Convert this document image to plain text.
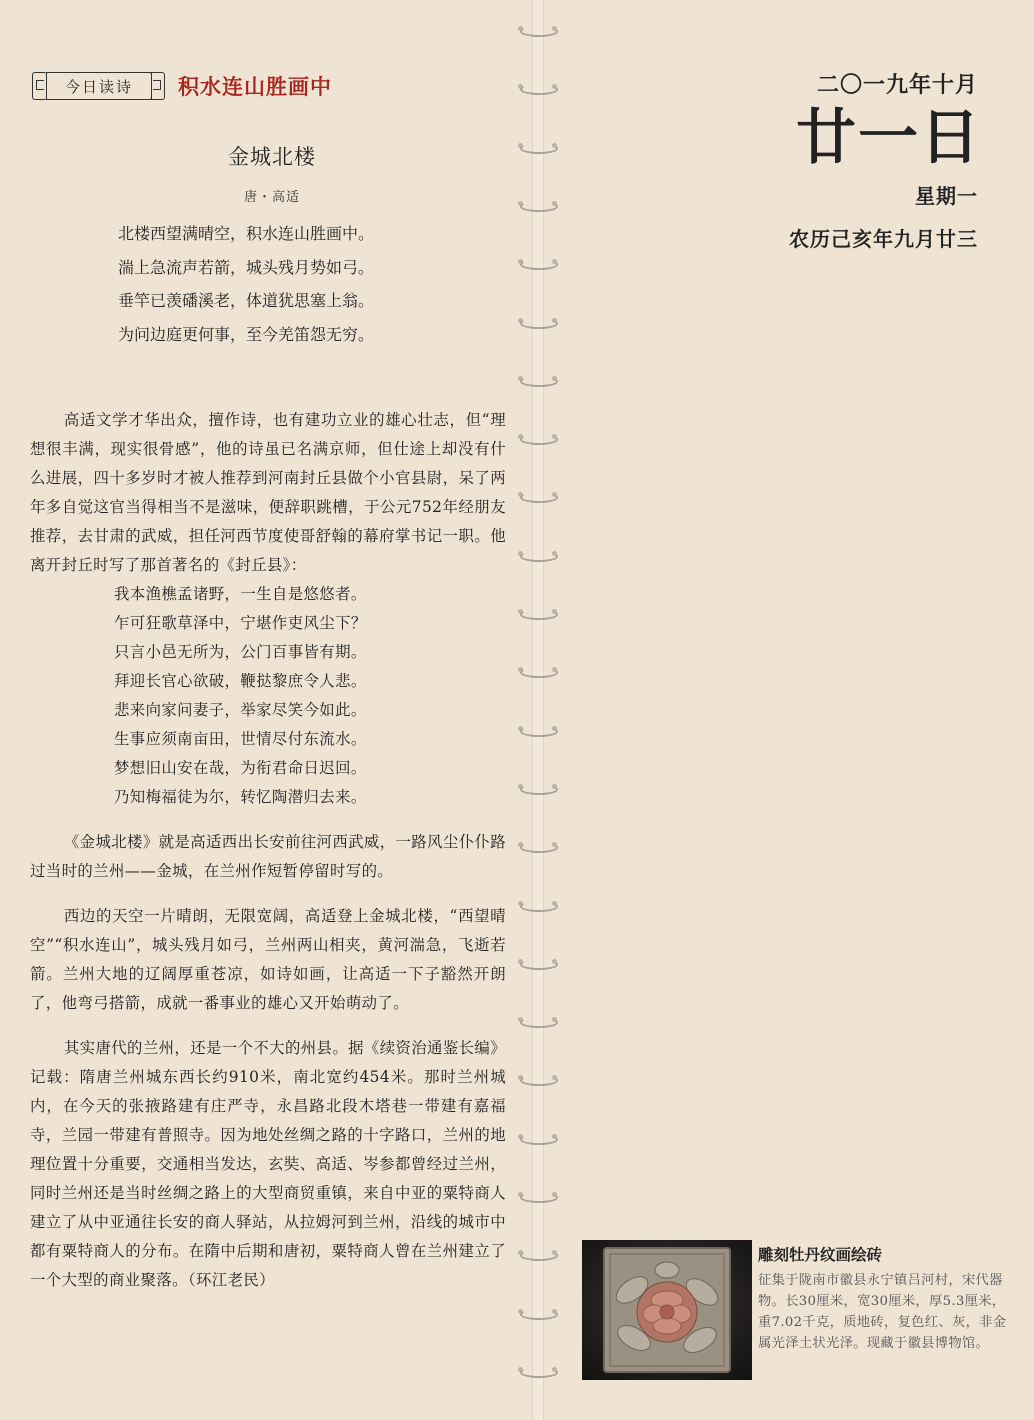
今日读诗	积水连山胜画中
金城北楼
唐・高适
北楼西望满晴空，积水连山胜画中。
湍上急流声若箭，城头残月势如弓。
垂竿已羡磻溪老，体道犹思塞上翁。
为问边庭更何事，至今羌笛怨无穷。

高适文学才华出众，擅作诗，也有建功立业的雄心壮志，但“理想很丰满，现实很骨感”，他的诗虽已名满京师，但仕途上却没有什么进展，四十多岁时才被人推荐到河南封丘县做个小官县尉，呆了两年多自觉这官当得相当不是滋味，便辞职跳槽，于公元752年经朋友推荐，去甘肃的武威，担任河西节度使哥舒翰的幕府掌书记一职。他离开封丘时写了那首著名的《封丘县》：

我本渔樵孟诸野，一生自是悠悠者。
乍可狂歌草泽中，宁堪作吏风尘下？
只言小邑无所为，公门百事皆有期。
拜迎长官心欲破，鞭挞黎庶令人悲。
悲来向家问妻子，举家尽笑今如此。
生事应须南亩田，世情尽付东流水。
梦想旧山安在哉，为衔君命日迟回。
乃知梅福徒为尔，转忆陶潜归去来。

《金城北楼》就是高适西出长安前往河西武威，一路风尘仆仆路过当时的兰州——金城，在兰州作短暂停留时写的。

西边的天空一片晴朗，无限宽阔，高适登上金城北楼，“西望晴空”“积水连山”，城头残月如弓，兰州两山相夹，黄河湍急，飞逝若箭。兰州大地的辽阔厚重苍凉，如诗如画，让高适一下子豁然开朗了，他弯弓搭箭，成就一番事业的雄心又开始萌动了。

其实唐代的兰州，还是一个不大的州县。据《续资治通鉴长编》记载：隋唐兰州城东西长约910米，南北宽约454米。那时兰州城内，在今天的张掖路建有庄严寺，永昌路北段木塔巷一带建有嘉福寺，兰园一带建有普照寺。因为地处丝绸之路的十字路口，兰州的地理位置十分重要，交通相当发达，玄奘、高适、岑参都曾经过兰州，同时兰州还是当时丝绸之路上的大型商贸重镇，来自中亚的粟特商人建立了从中亚通往长安的商人驿站，从拉姆河到兰州，沿线的城市中都有粟特商人的分布。在隋中后期和唐初，粟特商人曾在兰州建立了一个大型的商业聚落。（环江老民）

二〇一九年十月
廿一日
星期一
农历己亥年九月廿三
雕刻牡丹纹画绘砖
征集于陇南市徽县永宁镇吕河村，宋代器物。长30厘米，宽30厘米，厚5.3厘米，重7.02千克，质地砖，复色红、灰，非金属光泽土状光泽。现藏于徽县博物馆。
